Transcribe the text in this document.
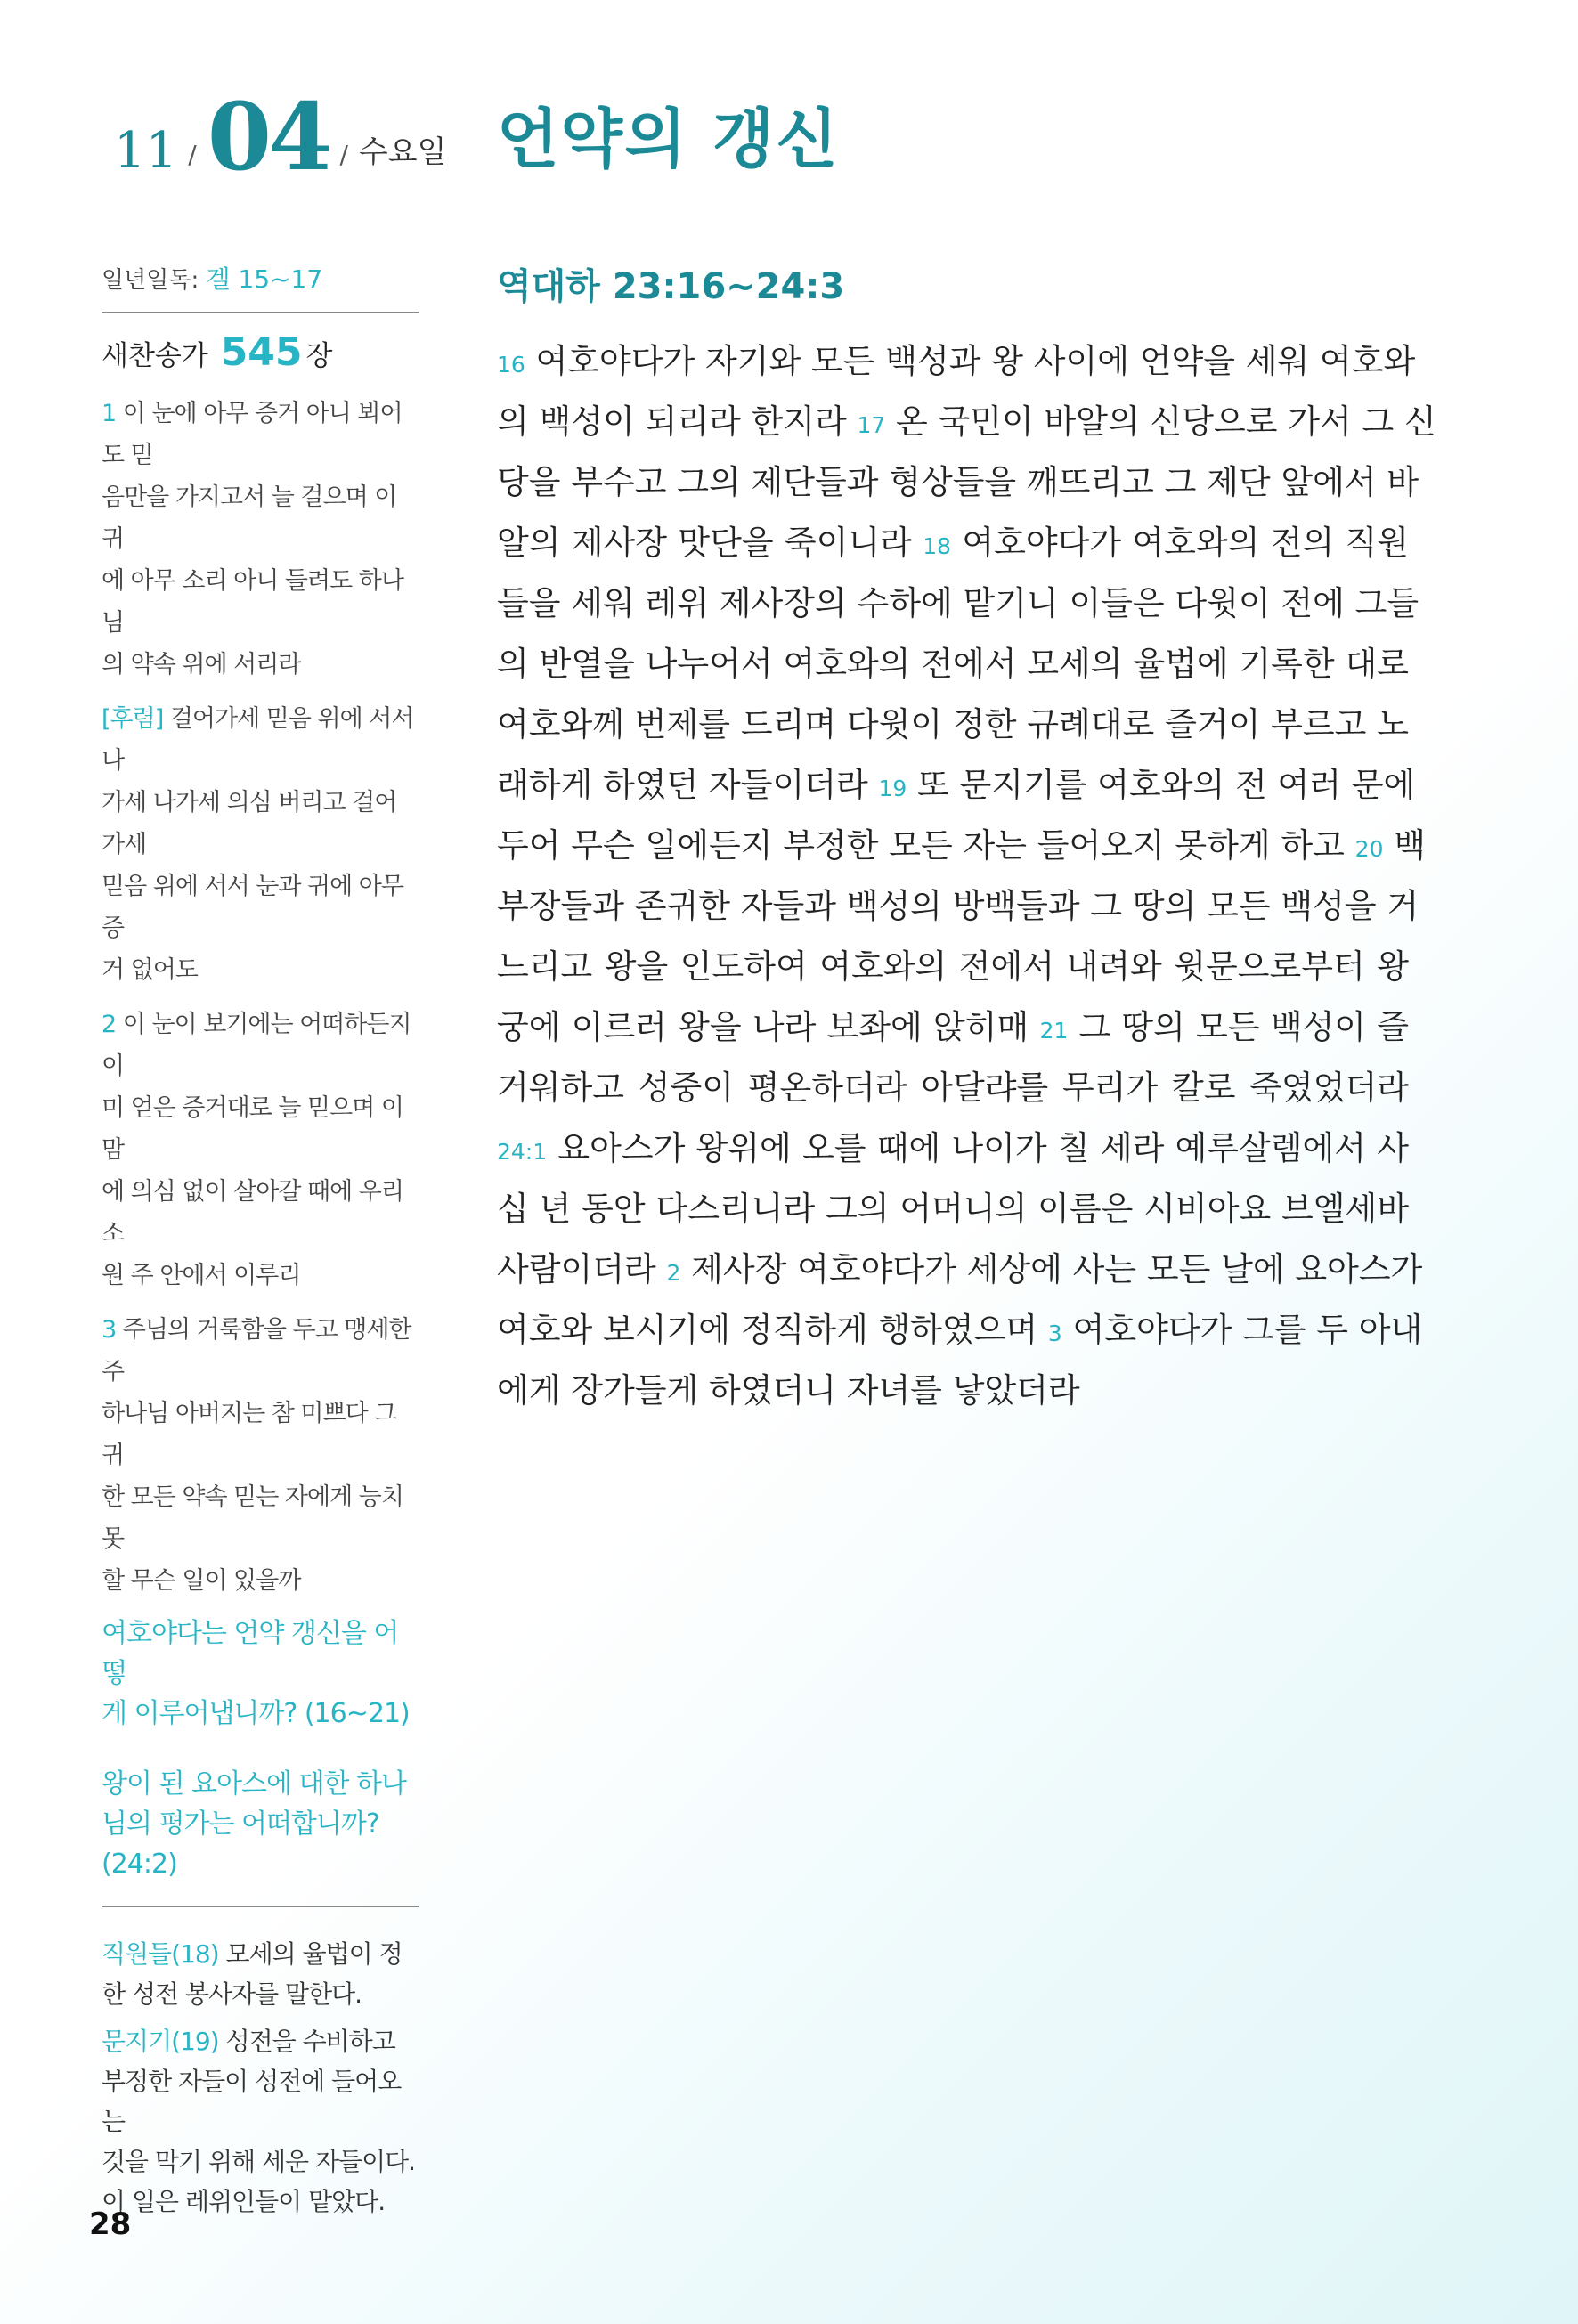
11 / 04 / 수요일 언약의 갱신
일년일독: 겔 15~17
새찬송가 545 장
1 이 눈에 아무 증거 아니 뵈어도 믿
음만을 가지고서 늘 걸으며 이 귀
에 아무 소리 아니 들려도 하나님
의 약속 위에 서리라
[후렴] 걸어가세 믿음 위에 서서 나
가세 나가세 의심 버리고 걸어가세
믿음 위에 서서 눈과 귀에 아무 증
거 없어도
2 이 눈이 보기에는 어떠하든지 이
미 얻은 증거대로 늘 믿으며 이 맘
에 의심 없이 살아갈 때에 우리 소
원 주 안에서 이루리
3 주님의 거룩함을 두고 맹세한 주
하나님 아버지는 참 미쁘다 그 귀
한 모든 약속 믿는 자에게 능치 못
할 무슨 일이 있을까
여호야다는 언약 갱신을 어떻
게 이루어냅니까? (16~21)
왕이 된 요아스에 대한 하나
님의 평가는 어떠합니까?
(24:2)
직원들(18) 모세의 율법이 정
한 성전 봉사자를 말한다.
문지기(19) 성전을 수비하고
부정한 자들이 성전에 들어오는
것을 막기 위해 세운 자들이다.
이 일은 레위인들이 맡았다.
28
역대하 23:16~24:3
16 여호야다가 자기와 모든 백성과 왕 사이에 언약을 세워 여호와
의 백성이 되리라 한지라 17 온 국민이 바알의 신당으로 가서 그 신
당을 부수고 그의 제단들과 형상들을 깨뜨리고 그 제단 앞에서 바
알의 제사장 맛단을 죽이니라 18 여호야다가 여호와의 전의 직원
들을 세워 레위 제사장의 수하에 맡기니 이들은 다윗이 전에 그들
의 반열을 나누어서 여호와의 전에서 모세의 율법에 기록한 대로
여호와께 번제를 드리며 다윗이 정한 규례대로 즐거이 부르고 노
래하게 하였던 자들이더라 19 또 문지기를 여호와의 전 여러 문에
두어 무슨 일에든지 부정한 모든 자는 들어오지 못하게 하고 20 백
부장들과 존귀한 자들과 백성의 방백들과 그 땅의 모든 백성을 거
느리고 왕을 인도하여 여호와의 전에서 내려와 윗문으로부터 왕
궁에 이르러 왕을 나라 보좌에 앉히매 21 그 땅의 모든 백성이 즐
거워하고 성중이 평온하더라 아달랴를 무리가 칼로 죽였었더라
24:1 요아스가 왕위에 오를 때에 나이가 칠 세라 예루살렘에서 사
십 년 동안 다스리니라 그의 어머니의 이름은 시비아요 브엘세바
사람이더라 2 제사장 여호야다가 세상에 사는 모든 날에 요아스가
여호와 보시기에 정직하게 행하였으며 3 여호야다가 그를 두 아내
에게 장가들게 하였더니 자녀를 낳았더라
